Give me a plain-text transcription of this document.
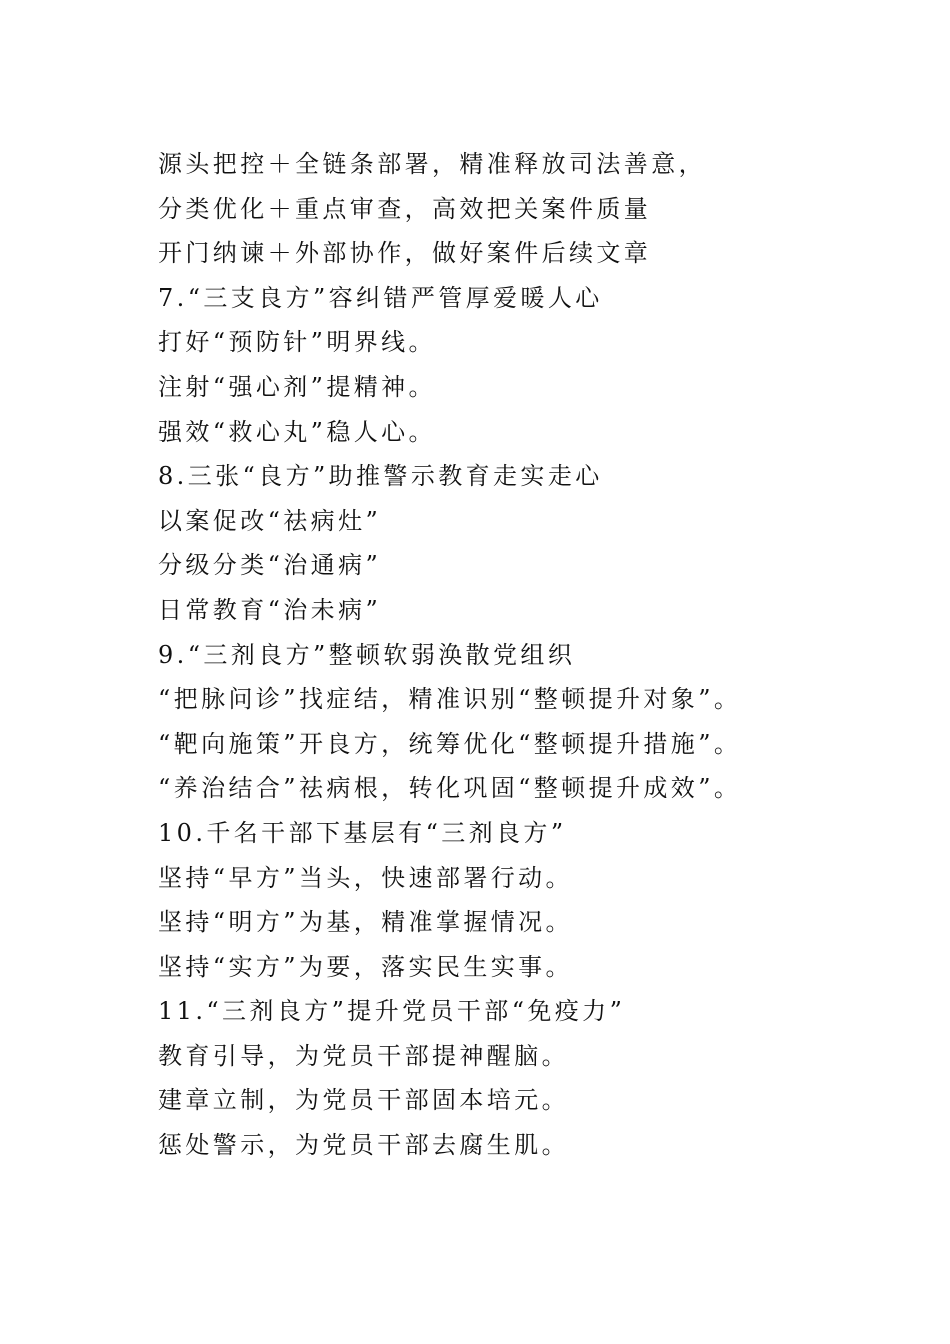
源头把控＋全链条部署，精准释放司法善意，
分类优化＋重点审查，高效把关案件质量
开门纳谏＋外部协作，做好案件后续文章
7.“三支良方”容纠错严管厚爱暖人心
打好“预防针”明界线。
注射“强心剂”提精神。
强效“救心丸”稳人心。
8.三张“良方”助推警示教育走实走心
以案促改“祛病灶”
分级分类“治通病”
日常教育“治未病”
9.“三剂良方”整顿软弱涣散党组织
“把脉问诊”找症结，精准识别“整顿提升对象”。
“靶向施策”开良方，统筹优化“整顿提升措施”。
“养治结合”祛病根，转化巩固“整顿提升成效”。
10.千名干部下基层有“三剂良方”
坚持“早方”当头，快速部署行动。
坚持“明方”为基，精准掌握情况。
坚持“实方”为要，落实民生实事。
11.“三剂良方”提升党员干部“免疫力”
教育引导，为党员干部提神醒脑。
建章立制，为党员干部固本培元。
惩处警示，为党员干部去腐生肌。
